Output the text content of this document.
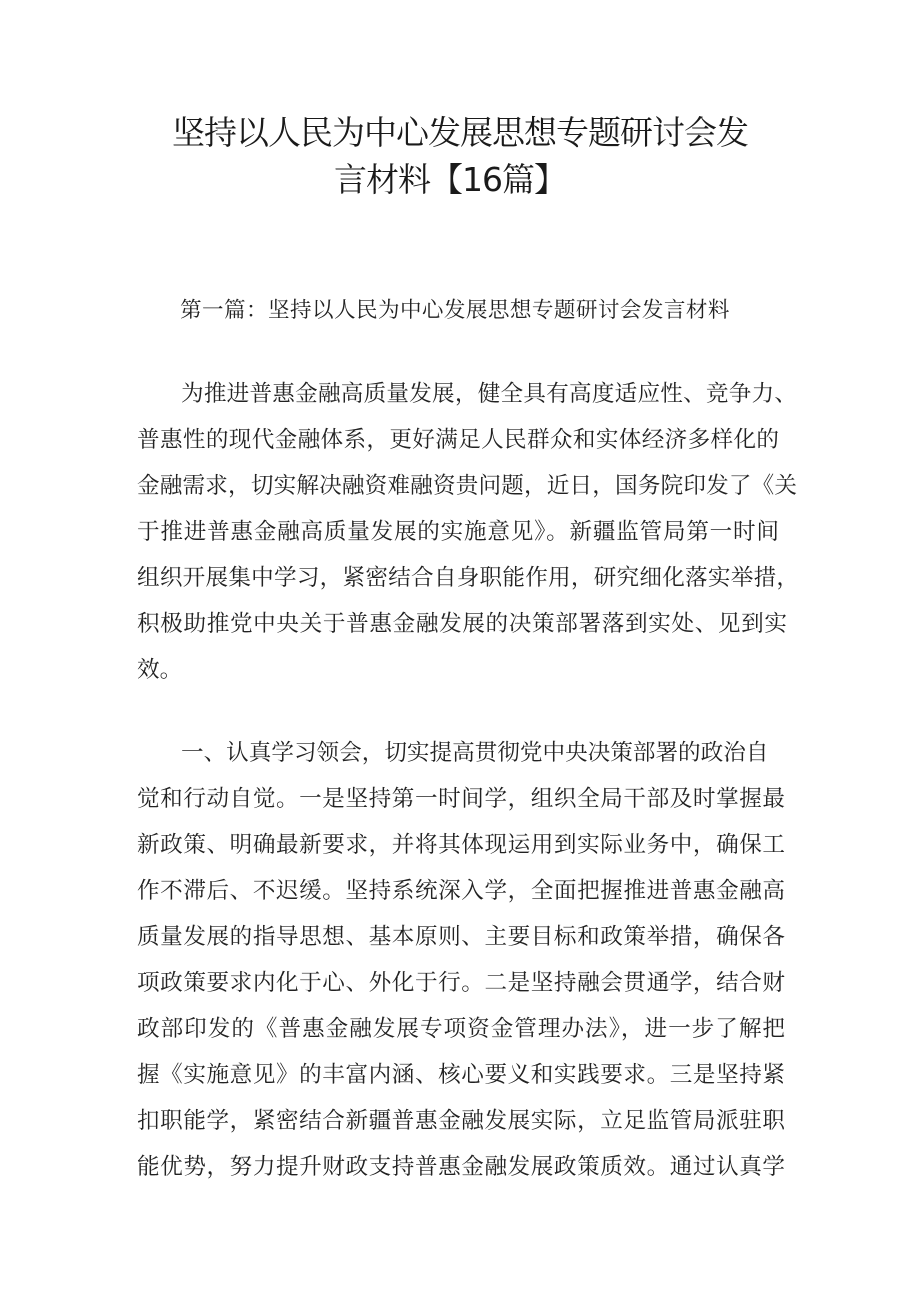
坚持以人民为中心发展思想专题研讨会发
言材料【16篇】
第一篇：坚持以人民为中心发展思想专题研讨会发言材料
为推进普惠金融高质量发展，健全具有高度适应性、竞争力、
普惠性的现代金融体系，更好满足人民群众和实体经济多样化的
金融需求，切实解决融资难融资贵问题，近日，国务院印发了《关
于推进普惠金融高质量发展的实施意见》。新疆监管局第一时间
组织开展集中学习，紧密结合自身职能作用，研究细化落实举措，
积极助推党中央关于普惠金融发展的决策部署落到实处、见到实
效。
一、认真学习领会，切实提高贯彻党中央决策部署的政治自
觉和行动自觉。一是坚持第一时间学，组织全局干部及时掌握最
新政策、明确最新要求，并将其体现运用到实际业务中，确保工
作不滞后、不迟缓。坚持系统深入学，全面把握推进普惠金融高
质量发展的指导思想、基本原则、主要目标和政策举措，确保各
项政策要求内化于心、外化于行。二是坚持融会贯通学，结合财
政部印发的《普惠金融发展专项资金管理办法》，进一步了解把
握《实施意见》的丰富内涵、核心要义和实践要求。三是坚持紧
扣职能学，紧密结合新疆普惠金融发展实际，立足监管局派驻职
能优势，努力提升财政支持普惠金融发展政策质效。通过认真学
